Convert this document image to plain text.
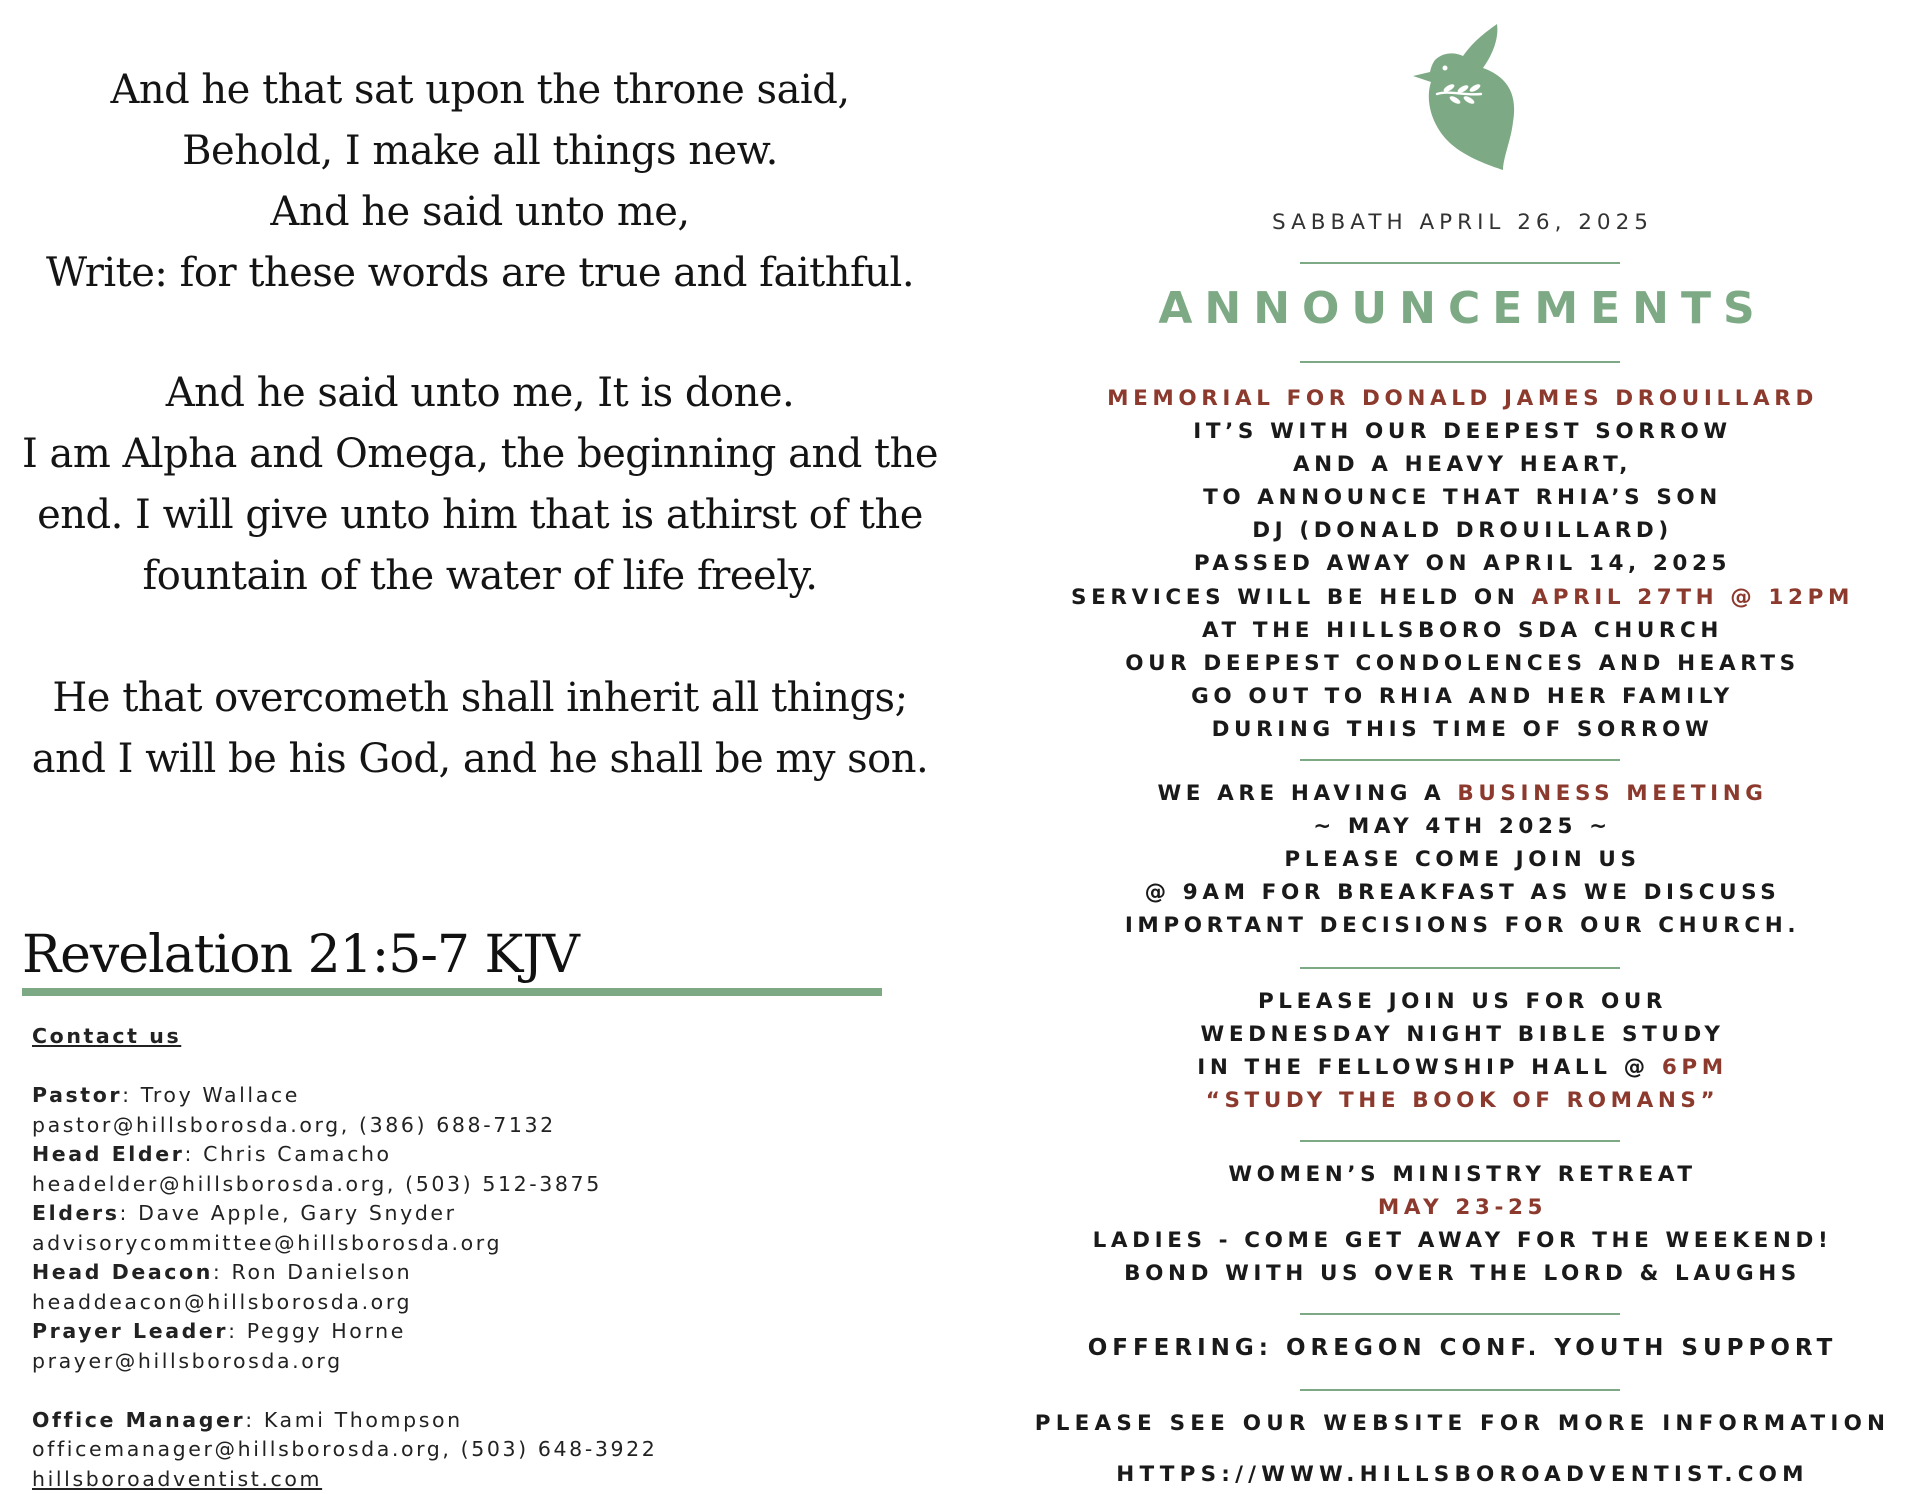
And he that sat upon the throne said,
Behold, I make all things new.
And he said unto me,
Write: for these words are true and faithful.
And he said unto me, It is done.
I am Alpha and Omega, the beginning and the
end. I will give unto him that is athirst of the
fountain of the water of life freely.
He that overcometh shall inherit all things;
and I will be his God, and he shall be my son.
Revelation 21:5-7 KJV
Contact us
Pastor: Troy Wallace
pastor@hillsborosda.org, (386) 688-7132
Head Elder: Chris Camacho
headelder@hillsborosda.org, (503) 512-3875
Elders: Dave Apple, Gary Snyder
advisorycommittee@hillsborosda.org
Head Deacon: Ron Danielson
headdeacon@hillsborosda.org
Prayer Leader: Peggy Horne
prayer@hillsborosda.org
Office Manager: Kami Thompson
officemanager@hillsborosda.org, (503) 648-3922
hillsboroadventist.com
SABBATH APRIL 26, 2025
ANNOUNCEMENTS
MEMORIAL FOR DONALD JAMES DROUILLARD
IT’S WITH OUR DEEPEST SORROW
AND A HEAVY HEART,
TO ANNOUNCE THAT RHIA’S SON
DJ (DONALD DROUILLARD)
PASSED AWAY ON APRIL 14, 2025
SERVICES WILL BE HELD ON APRIL 27TH @ 12PM
AT THE HILLSBORO SDA CHURCH
OUR DEEPEST CONDOLENCES AND HEARTS
GO OUT TO RHIA AND HER FAMILY
DURING THIS TIME OF SORROW
WE ARE HAVING A BUSINESS MEETING
~ MAY 4TH 2025 ~
PLEASE COME JOIN US
@ 9AM FOR BREAKFAST AS WE DISCUSS
IMPORTANT DECISIONS FOR OUR CHURCH.
PLEASE JOIN US FOR OUR
WEDNESDAY NIGHT BIBLE STUDY
IN THE FELLOWSHIP HALL @ 6PM
“STUDY THE BOOK OF ROMANS”
WOMEN’S MINISTRY RETREAT
MAY 23-25
LADIES - COME GET AWAY FOR THE WEEKEND!
BOND WITH US OVER THE LORD & LAUGHS
OFFERING: OREGON CONF. YOUTH SUPPORT
PLEASE SEE OUR WEBSITE FOR MORE INFORMATION
HTTPS://WWW.HILLSBOROADVENTIST.COM
